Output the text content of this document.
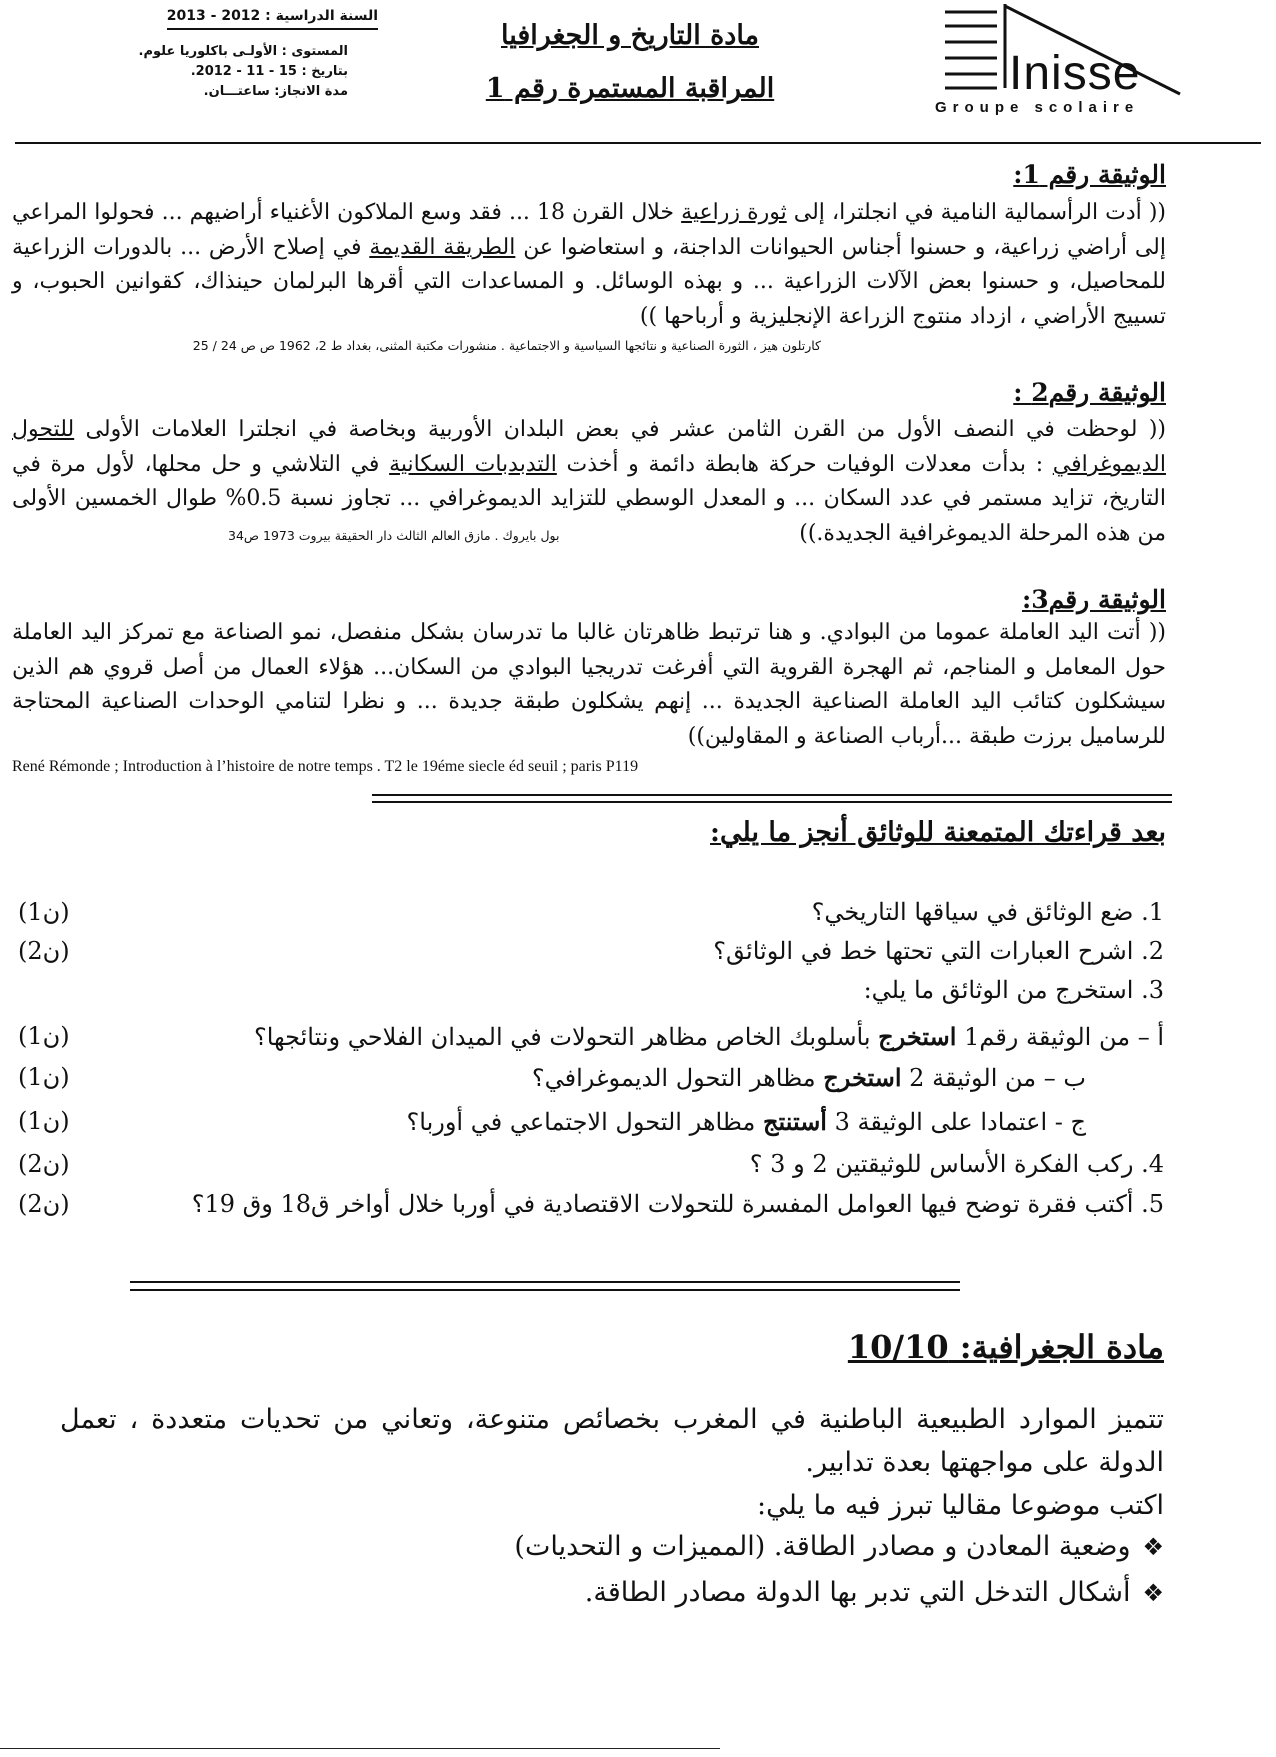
السنة الدراسية : 2012 - 2013
المستوى : الأولـى باكلوريا علوم.
بتاريخ : 15 - 11 - 2012.
مدة الانجاز: ساعتـــان.
مادة التاريخ و الجغرافيا
المراقبة المستمرة رقم 1	Inisse
Groupe scolaire
الوثيقة رقم 1:
(( أدت الرأسمالية النامية في انجلترا، إلى ثورة زراعية خلال القرن 18 ... فقد وسع الملاكون الأغنياء أراضيهم ... فحولوا المراعي إلى أراضي زراعية، و حسنوا أجناس الحيوانات الداجنة، و استعاضوا عن الطريقة القديمة في إصلاح الأرض ... بالدورات الزراعية للمحاصيل، و حسنوا بعض الآلات الزراعية ... و بهذه الوسائل. و المساعدات التي أقرها البرلمان حينذاك، كقوانين الحبوب، و تسييج الأراضي ، ازداد منتوج الزراعة الإنجليزية و أرباحها ))
كارتلون هيز ، الثورة الصناعية و نتائجها السياسية و الاجتماعية . منشورات مكتبة المثنى، بغداد ط 2، 1962 ص ص 24 / 25
الوثيقة رقم2 :
(( لوحظت في النصف الأول من القرن الثامن عشر في بعض البلدان الأوربية وبخاصة في انجلترا العلامات الأولى للتحول الديموغرافي : بدأت معدلات الوفيات حركة هابطة دائمة و أخذت التدبدبات السكانية في التلاشي و حل محلها، لأول مرة في التاريخ، تزايد مستمر في عدد السكان ... و المعدل الوسطي للتزايد الديموغرافي ... تجاوز نسبة 0.5% طوال الخمسين الأولى من هذه المرحلة الديموغرافية الجديدة.))
بول بايروك . مازق العالم الثالث دار الحقيقة بيروت 1973 ص34
الوثيقة رقم3:
(( أتت اليد العاملة عموما من البوادي. و هنا ترتبط ظاهرتان غالبا ما تدرسان بشكل منفصل، نمو الصناعة مع تمركز اليد العاملة حول المعامل و المناجم، ثم الهجرة القروية التي أفرغت تدريجيا البوادي من السكان... هؤلاء العمال من أصل قروي هم الذين سيشكلون كتائب اليد العاملة الصناعية الجديدة ... إنهم يشكلون طبقة جديدة ... و نظرا لتنامي الوحدات الصناعية المحتاجة للرساميل برزت طبقة ...أرباب الصناعة و المقاولين))
René Rémonde ; Introduction à l’histoire de notre temps . T2 le 19éme siecle éd seuil ; paris P119
بعد قراءتك المتمعنة للوثائق أنجز ما يلي:
1. ضع الوثائق في سياقها التاريخي؟
(1ن)
2. اشرح العبارات التي تحتها خط في الوثائق؟
(2ن)
3. استخرج من الوثائق ما يلي:
أ – من الوثيقة رقم1 استخرج بأسلوبك الخاص مظاهر التحولات في الميدان الفلاحي ونتائجها؟
(1ن)
ب – من الوثيقة 2 استخرج مظاهر التحول الديموغرافي؟
(1ن)
ج - اعتمادا على الوثيقة 3 أستنتج مظاهر التحول الاجتماعي في أوربا؟
(1ن)
4. ركب الفكرة الأساس للوثيقتين 2 و 3 ؟
(2ن)
5. أكتب فقرة توضح فيها العوامل المفسرة للتحولات الاقتصادية في أوربا خلال أواخر ق18 وق 19؟
(2ن)
مادة الجغرافية: 10/10
تتميز الموارد الطبيعية الباطنية في المغرب بخصائص متنوعة، وتعاني من تحديات متعددة ، تعمل الدولة على مواجهتها بعدة تدابير.
اكتب موضوعا مقاليا تبرز فيه ما يلي:
❖وضعية المعادن و مصادر الطاقة. (المميزات و التحديات)
❖أشكال التدخل التي تدبر بها الدولة مصادر الطاقة.
